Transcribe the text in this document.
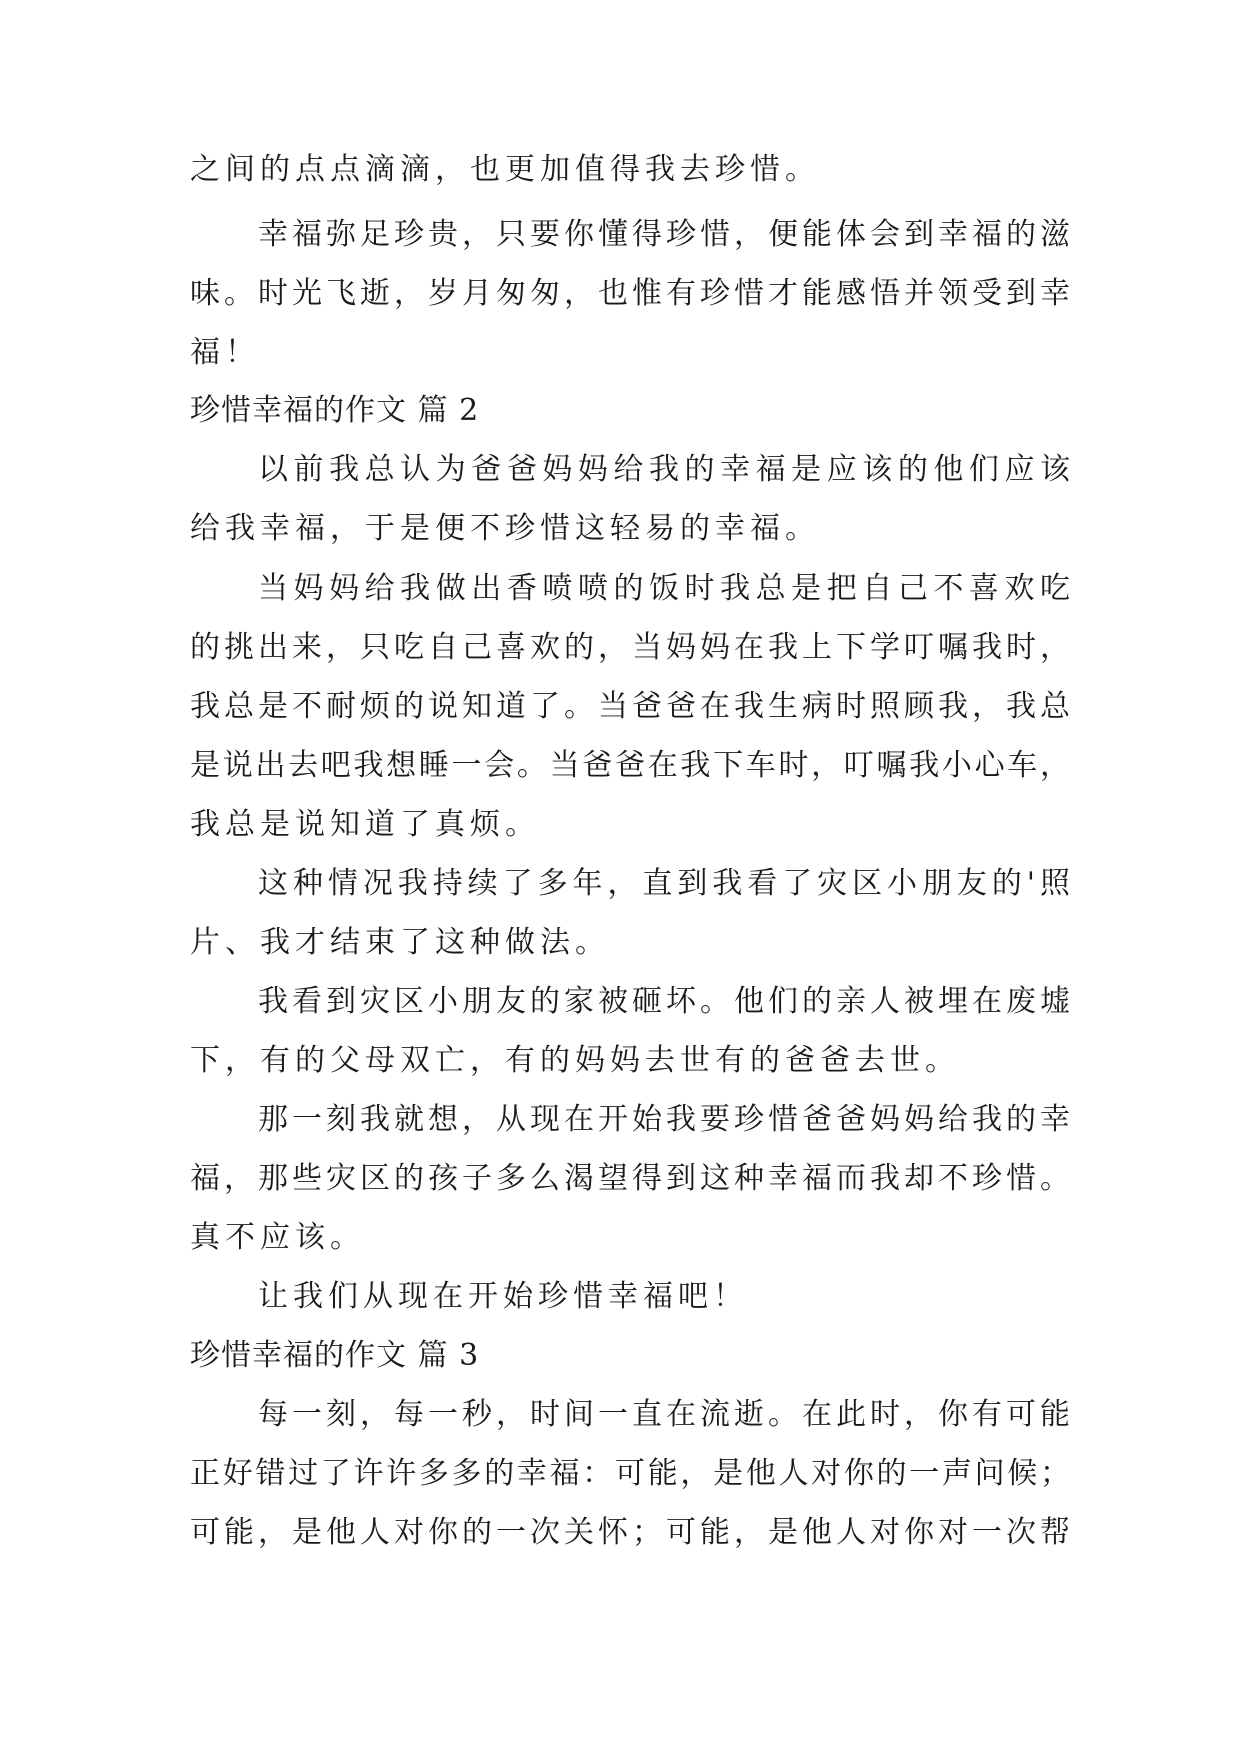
之间的点点滴滴，也更加值得我去珍惜。
幸福弥足珍贵，只要你懂得珍惜，便能体会到幸福的滋
味。时光飞逝，岁月匆匆，也惟有珍惜才能感悟并领受到幸
福！
珍惜幸福的作文 篇 2
以前我总认为爸爸妈妈给我的幸福是应该的他们应该
给我幸福，于是便不珍惜这轻易的幸福。
当妈妈给我做出香喷喷的饭时我总是把自己不喜欢吃
的挑出来，只吃自己喜欢的，当妈妈在我上下学叮嘱我时，
我总是不耐烦的说知道了。当爸爸在我生病时照顾我，我总
是说出去吧我想睡一会。当爸爸在我下车时，叮嘱我小心车，
我总是说知道了真烦。
这种情况我持续了多年，直到我看了灾区小朋友的'照
片、我才结束了这种做法。
我看到灾区小朋友的家被砸坏。他们的亲人被埋在废墟
下，有的父母双亡，有的妈妈去世有的爸爸去世。
那一刻我就想，从现在开始我要珍惜爸爸妈妈给我的幸
福，那些灾区的孩子多么渴望得到这种幸福而我却不珍惜。
真不应该。
让我们从现在开始珍惜幸福吧！
珍惜幸福的作文 篇 3
每一刻，每一秒，时间一直在流逝。在此时，你有可能
正好错过了许许多多的幸福：可能，是他人对你的一声问候；
可能，是他人对你的一次关怀；可能，是他人对你对一次帮
